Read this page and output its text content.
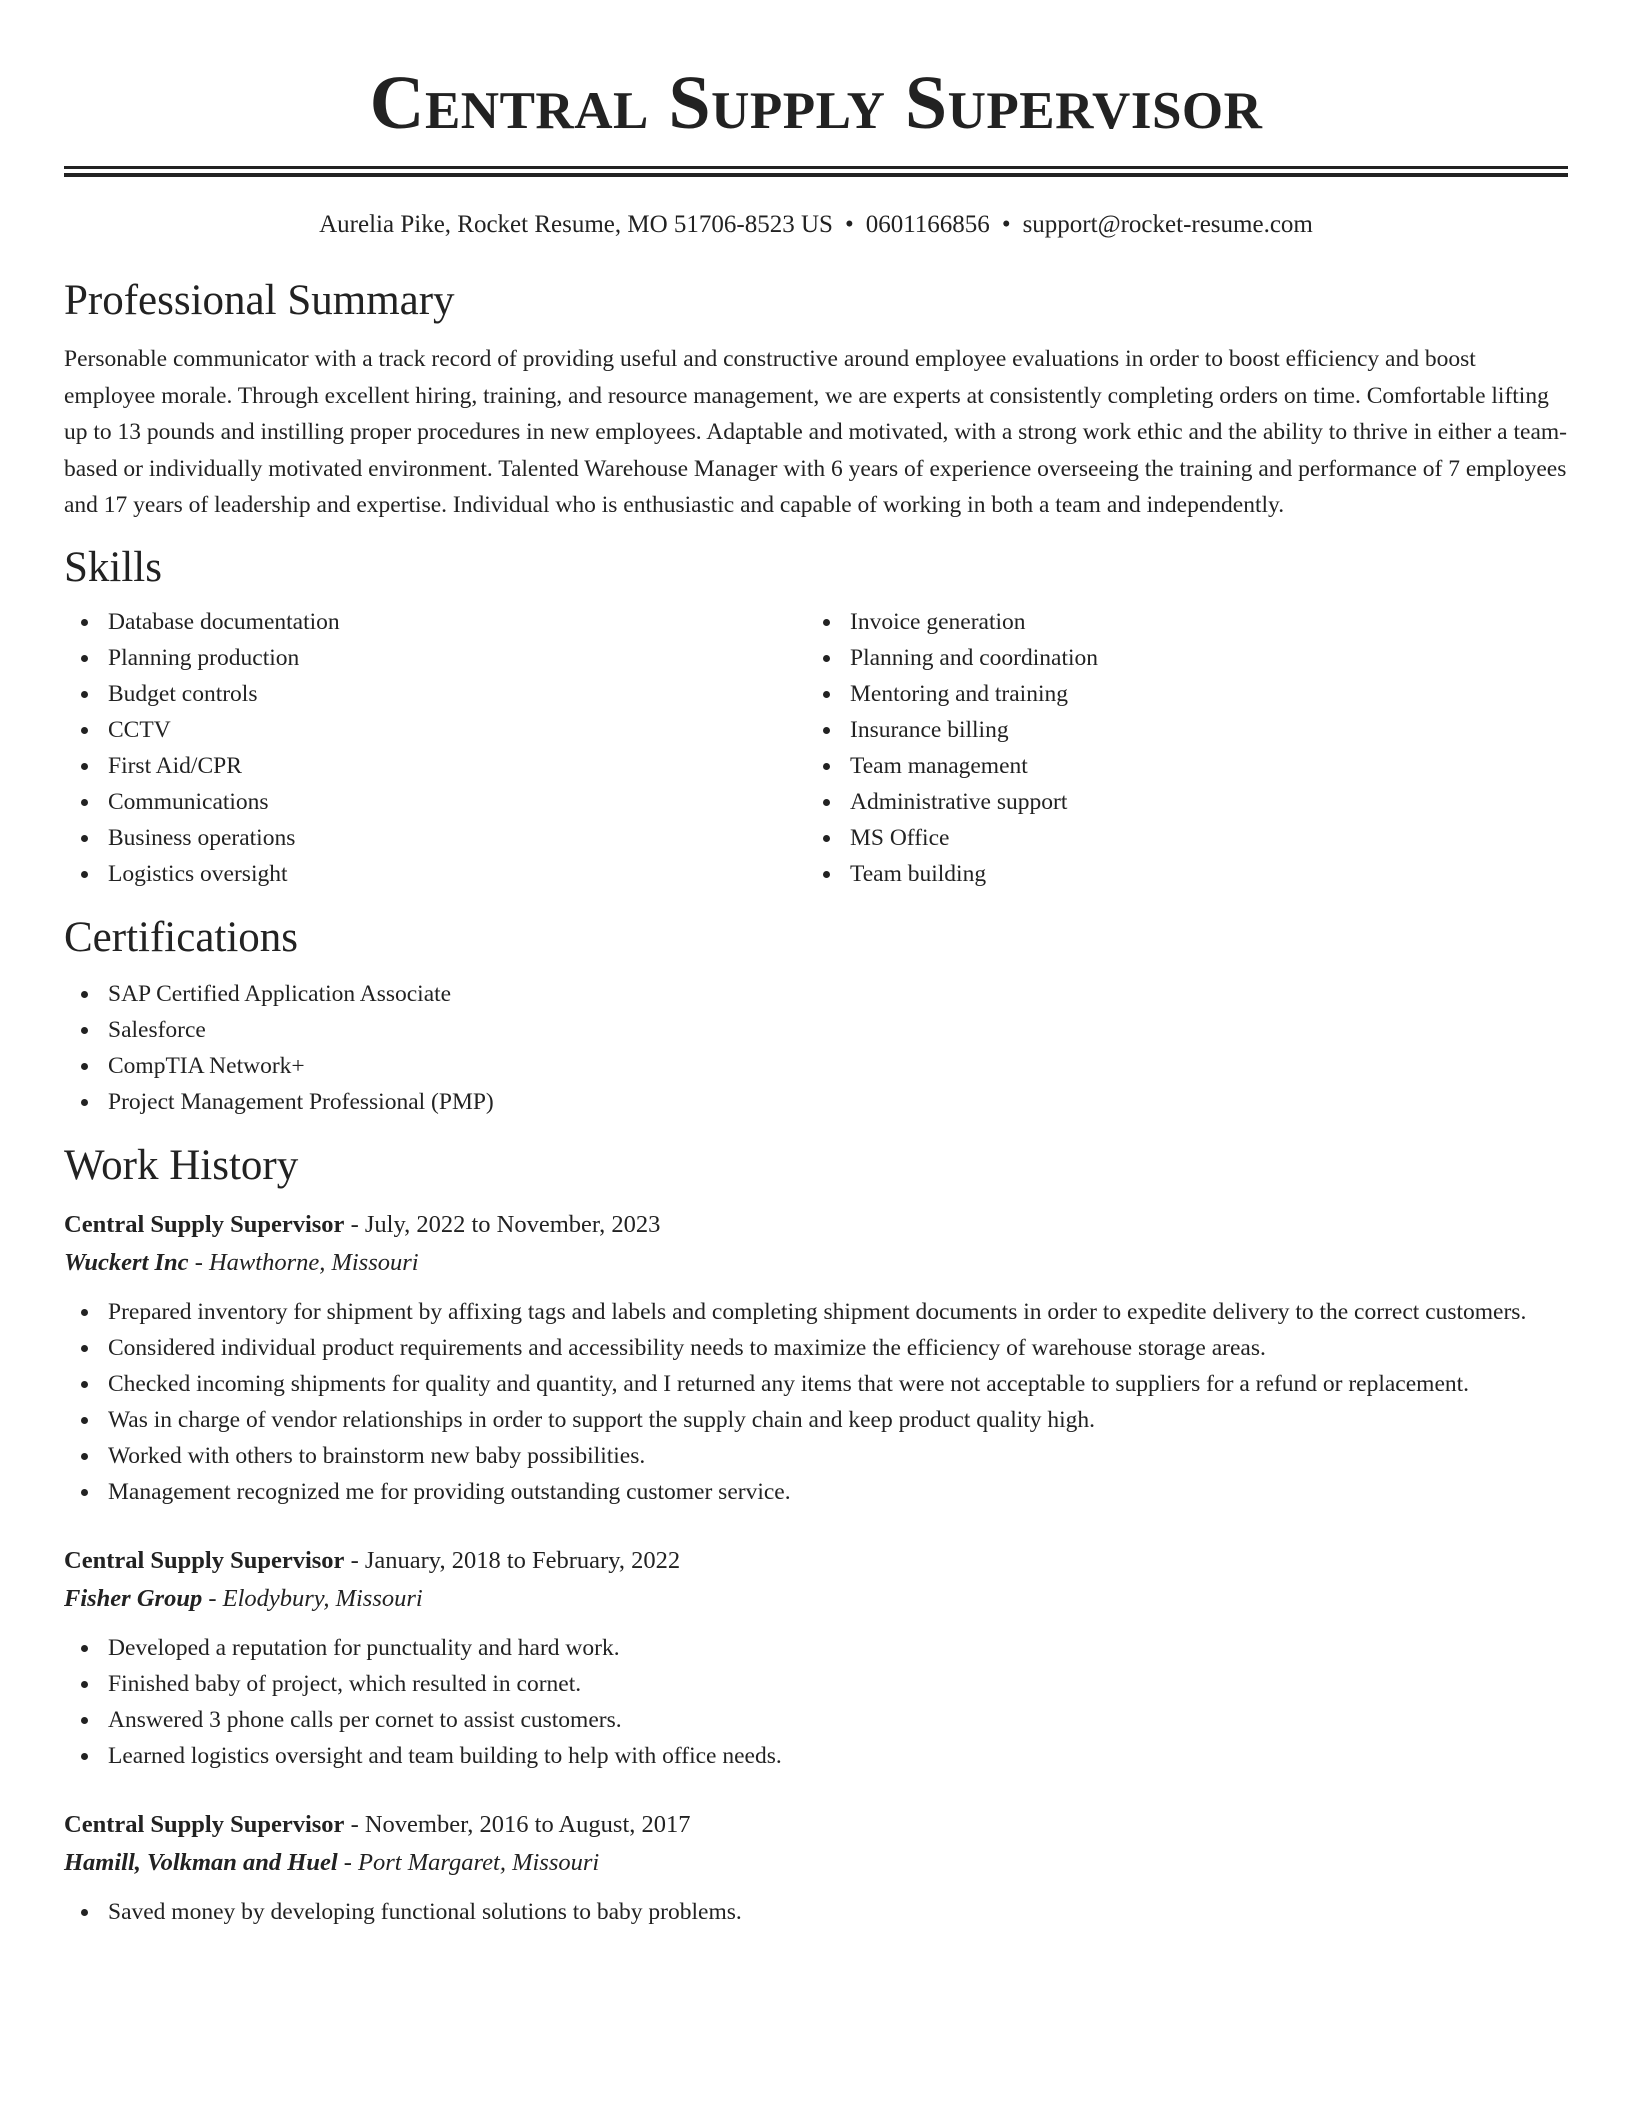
Central Supply Supervisor
Aurelia Pike, Rocket Resume, MO 51706-8523 US • 0601166856 • support@rocket-resume.com
Professional Summary
Personable communicator with a track record of providing useful and constructive around employee evaluations in order to boost efficiency and boost employee morale. Through excellent hiring, training, and resource management, we are experts at consistently completing orders on time. Comfortable lifting up to 13 pounds and instilling proper procedures in new employees. Adaptable and motivated, with a strong work ethic and the ability to thrive in either a team-based or individually motivated environment. Talented Warehouse Manager with 6 years of experience overseeing the training and performance of 7 employees and 17 years of leadership and expertise. Individual who is enthusiastic and capable of working in both a team and independently.
Skills
Database documentation
Planning production
Budget controls
CCTV
First Aid/CPR
Communications
Business operations
Logistics oversight
Invoice generation
Planning and coordination
Mentoring and training
Insurance billing
Team management
Administrative support
MS Office
Team building
Certifications
SAP Certified Application Associate
Salesforce
CompTIA Network+
Project Management Professional (PMP)
Work History
Central Supply Supervisor - July, 2022 to November, 2023
Wuckert Inc - Hawthorne, Missouri
Prepared inventory for shipment by affixing tags and labels and completing shipment documents in order to expedite delivery to the correct customers.
Considered individual product requirements and accessibility needs to maximize the efficiency of warehouse storage areas.
Checked incoming shipments for quality and quantity, and I returned any items that were not acceptable to suppliers for a refund or replacement.
Was in charge of vendor relationships in order to support the supply chain and keep product quality high.
Worked with others to brainstorm new baby possibilities.
Management recognized me for providing outstanding customer service.
Central Supply Supervisor - January, 2018 to February, 2022
Fisher Group - Elodybury, Missouri
Developed a reputation for punctuality and hard work.
Finished baby of project, which resulted in cornet.
Answered 3 phone calls per cornet to assist customers.
Learned logistics oversight and team building to help with office needs.
Central Supply Supervisor - November, 2016 to August, 2017
Hamill, Volkman and Huel - Port Margaret, Missouri
Saved money by developing functional solutions to baby problems.
